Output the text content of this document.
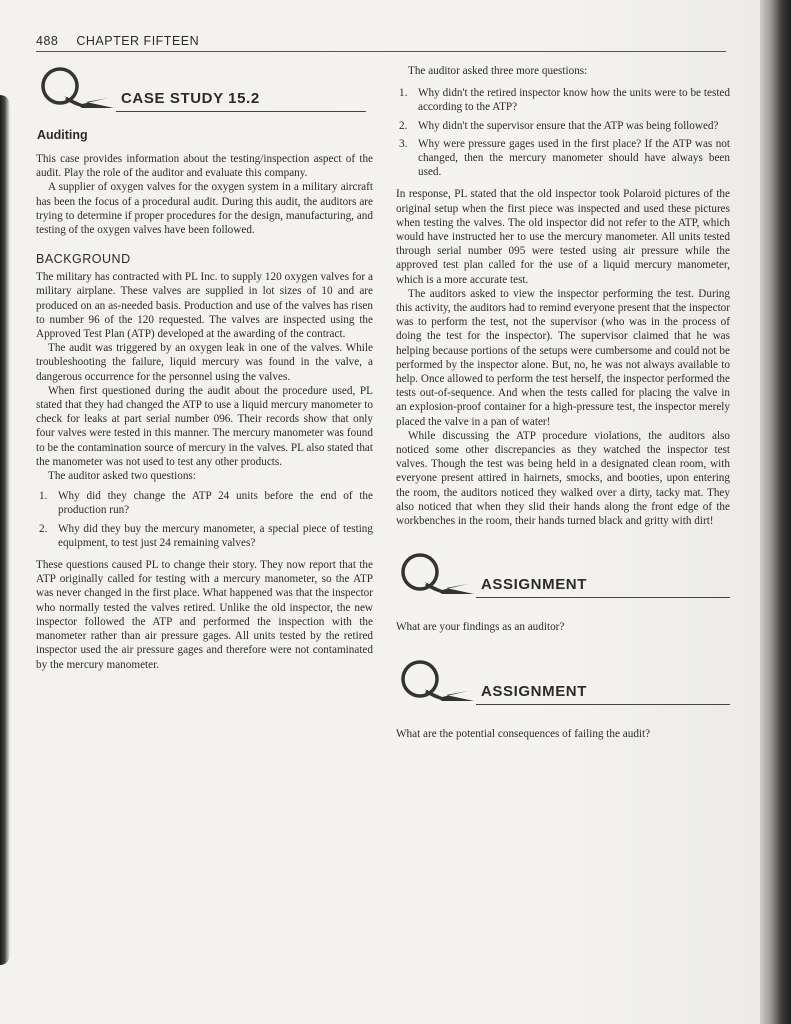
488 CHAPTER FIFTEEN
CASE STUDY 15.2
Auditing

This case provides information about the testing/inspection aspect of the audit. Play the role of the auditor and evaluate this company.

A supplier of oxygen valves for the oxygen system in a military aircraft has been the focus of a procedural audit. During this audit, the auditors are trying to determine if proper procedures for the design, manufacturing, and testing of the oxygen valves have been followed.

BACKGROUND

The military has contracted with PL Inc. to supply 120 oxygen valves for a military airplane. These valves are supplied in lot sizes of 10 and are produced on an as-needed basis. Production and use of the valves has risen to number 96 of the 120 requested. The valves are inspected using the Approved Test Plan (ATP) developed at the awarding of the contract.

The audit was triggered by an oxygen leak in one of the valves. While troubleshooting the failure, liquid mercury was found in the valve, a dangerous occurrence for the personnel using the valves.

When first questioned during the audit about the procedure used, PL stated that they had changed the ATP to use a liquid mercury manometer to check for leaks at part serial number 096. Their records show that only four valves were tested in this manner. The mercury manometer was found to be the contamination source of mercury in the valves. PL also stated that the manometer was not used to test any other products.

The auditor asked two questions:

1. Why did they change the ATP 24 units before the end of the production run?
2. Why did they buy the mercury manometer, a special piece of testing equipment, to test just 24 remaining valves?

These questions caused PL to change their story. They now report that the ATP originally called for testing with a mercury manometer, so the ATP was never changed in the first place. What happened was that the inspector who normally tested the valves retired. Unlike the old inspector, the new inspector followed the ATP and performed the inspection with the manometer rather than air pressure gages. All units tested by the retired inspector used the air pressure gages and therefore were not contaminated by the mercury manometer.

The auditor asked three more questions:

1. Why didn't the retired inspector know how the units were to be tested according to the ATP?
2. Why didn't the supervisor ensure that the ATP was being followed?
3. Why were pressure gages used in the first place? If the ATP was not changed, then the mercury manometer should have always been used.

In response, PL stated that the old inspector took Polaroid pictures of the original setup when the first piece was inspected and used these pictures when testing the valves. The old inspector did not refer to the ATP, which would have instructed her to use the mercury manometer. All units tested through serial number 095 were tested using air pressure while the approved test plan called for the use of a liquid mercury manometer, which is a more accurate test.

The auditors asked to view the inspector performing the test. During this activity, the auditors had to remind everyone present that the inspector was to perform the test, not the supervisor (who was in the process of doing the test for the inspector). The supervisor claimed that he was helping because portions of the setups were cumbersome and could not be performed by the inspector alone. But, no, he was not always available to help. Once allowed to perform the test herself, the inspector performed the tests out-of-sequence. And when the tests called for placing the valve in an explosion-proof container for a high-pressure test, the inspector merely placed the valve in a pan of water!

While discussing the ATP procedure violations, the auditors also noticed some other discrepancies as they watched the inspector test valves. Though the test was being held in a designated clean room, with everyone present attired in hairnets, smocks, and booties, upon entering the room, the auditors noticed they walked over a dirty, tacky mat. They also noticed that when they slid their hands along the front edge of the workbenches in the room, their hands turned black and gritty with dirt!

ASSIGNMENT

What are your findings as an auditor?

ASSIGNMENT

What are the potential consequences of failing the audit?
